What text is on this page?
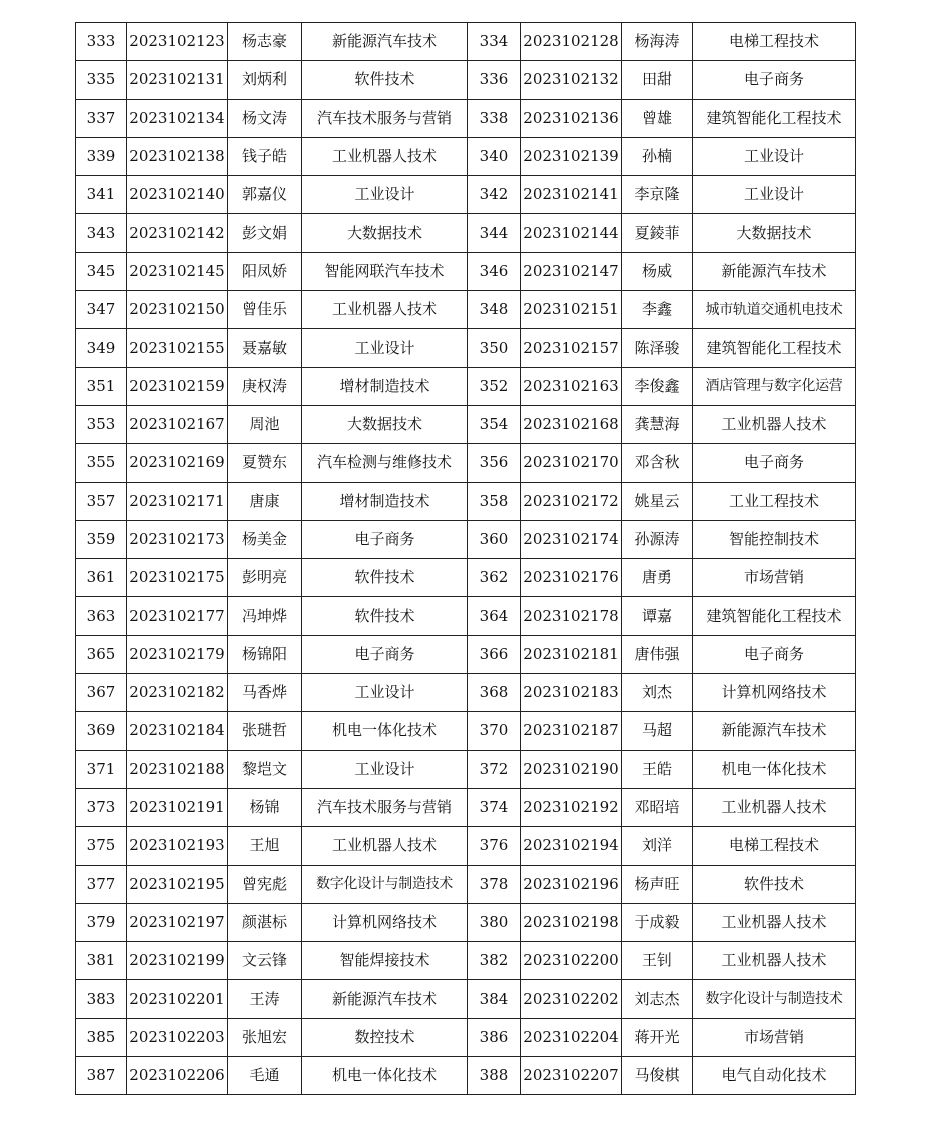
333	2023102123	杨志豪	新能源汽车技术	334	2023102128	杨海涛	电梯工程技术
335	2023102131	刘炳利	软件技术	336	2023102132	田甜	电子商务
337	2023102134	杨文涛	汽车技术服务与营销	338	2023102136	曾雄	建筑智能化工程技术
339	2023102138	钱子皓	工业机器人技术	340	2023102139	孙楠	工业设计
341	2023102140	郭嘉仪	工业设计	342	2023102141	李京隆	工业设计
343	2023102142	彭文娟	大数据技术	344	2023102144	夏錂菲	大数据技术
345	2023102145	阳凤娇	智能网联汽车技术	346	2023102147	杨威	新能源汽车技术
347	2023102150	曾佳乐	工业机器人技术	348	2023102151	李鑫	城市轨道交通机电技术
349	2023102155	聂嘉敏	工业设计	350	2023102157	陈泽骏	建筑智能化工程技术
351	2023102159	庚权涛	增材制造技术	352	2023102163	李俊鑫	酒店管理与数字化运营
353	2023102167	周池	大数据技术	354	2023102168	龚慧海	工业机器人技术
355	2023102169	夏赞东	汽车检测与维修技术	356	2023102170	邓含秋	电子商务
357	2023102171	唐康	增材制造技术	358	2023102172	姚星云	工业工程技术
359	2023102173	杨美金	电子商务	360	2023102174	孙源涛	智能控制技术
361	2023102175	彭明亮	软件技术	362	2023102176	唐勇	市场营销
363	2023102177	冯坤烨	软件技术	364	2023102178	谭嘉	建筑智能化工程技术
365	2023102179	杨锦阳	电子商务	366	2023102181	唐伟强	电子商务
367	2023102182	马香烨	工业设计	368	2023102183	刘杰	计算机网络技术
369	2023102184	张琎哲	机电一体化技术	370	2023102187	马超	新能源汽车技术
371	2023102188	黎垲文	工业设计	372	2023102190	王皓	机电一体化技术
373	2023102191	杨锦	汽车技术服务与营销	374	2023102192	邓昭培	工业机器人技术
375	2023102193	王旭	工业机器人技术	376	2023102194	刘洋	电梯工程技术
377	2023102195	曾宪彪	数字化设计与制造技术	378	2023102196	杨声旺	软件技术
379	2023102197	颜湛标	计算机网络技术	380	2023102198	于成毅	工业机器人技术
381	2023102199	文云锋	智能焊接技术	382	2023102200	王钊	工业机器人技术
383	2023102201	王涛	新能源汽车技术	384	2023102202	刘志杰	数字化设计与制造技术
385	2023102203	张旭宏	数控技术	386	2023102204	蒋开光	市场营销
387	2023102206	毛通	机电一体化技术	388	2023102207	马俊棋	电气自动化技术
